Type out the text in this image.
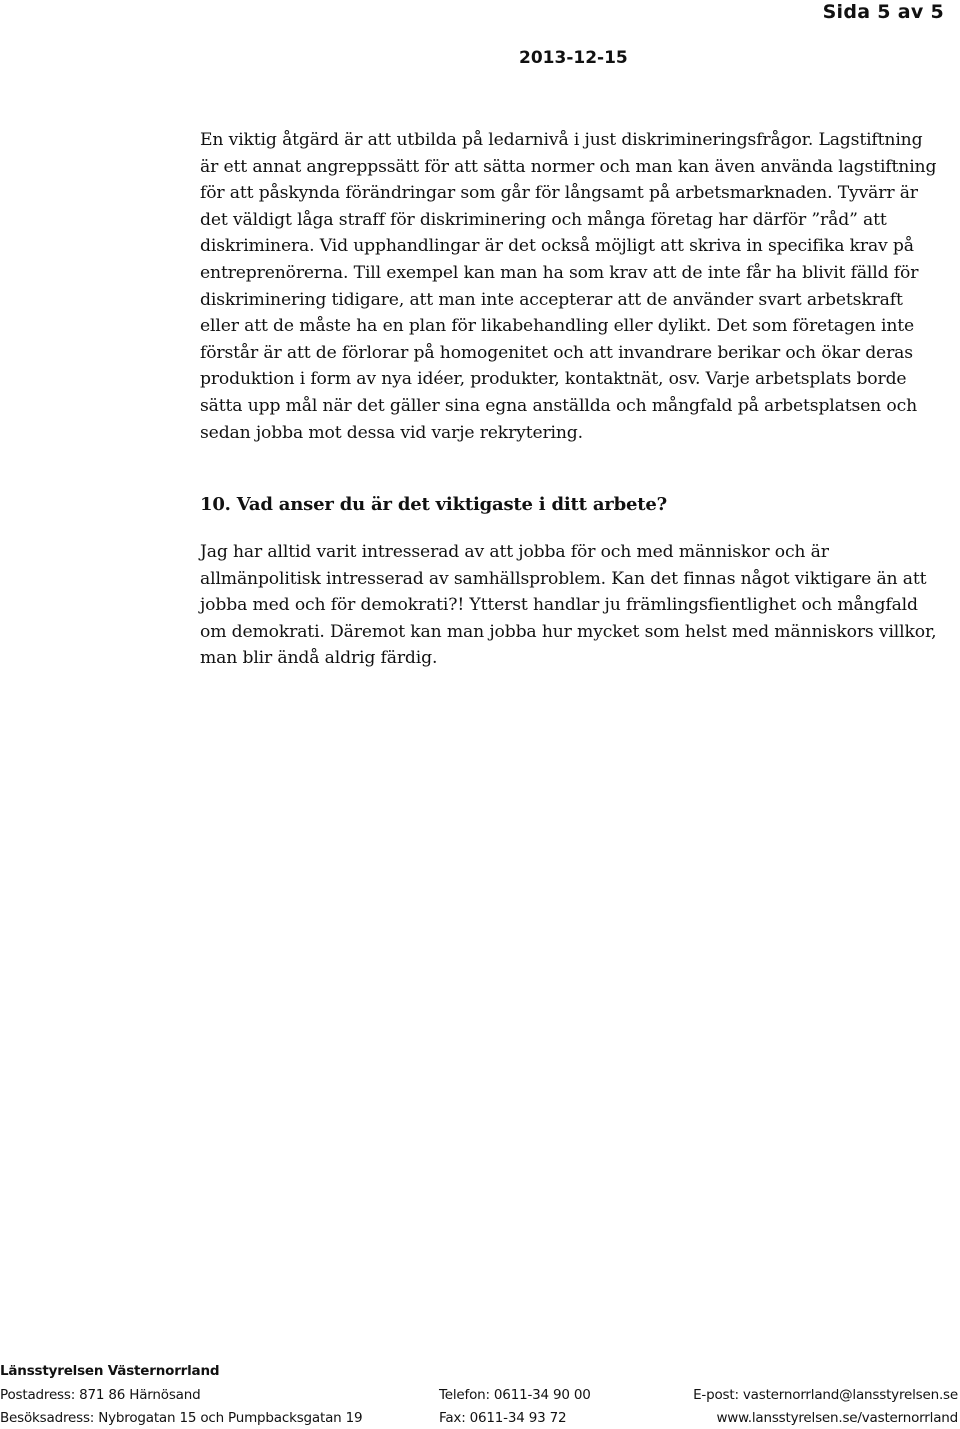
Sida 5 av 5
2013-12-15

En viktig åtgärd är att utbilda på ledarnivå i just diskrimineringsfrågor. Lagstiftning är ett annat angreppssätt för att sätta normer och man kan även använda lagstiftning för att påskynda förändringar som går för långsamt på arbetsmarknaden. Tyvärr är det väldigt låga straff för diskriminering och många företag har därför ”råd” att diskriminera. Vid upphandlingar är det också möjligt att skriva in specifika krav på entreprenörerna. Till exempel kan man ha som krav att de inte får ha blivit fälld för diskriminering tidigare, att man inte accepterar att de använder svart arbetskraft eller att de måste ha en plan för likabehandling eller dylikt. Det som företagen inte förstår är att de förlorar på homogenitet och att invandrare berikar och ökar deras produktion i form av nya idéer, produkter, kontaktnät, osv. Varje arbetsplats borde sätta upp mål när det gäller sina egna anställda och mångfald på arbetsplatsen och sedan jobba mot dessa vid varje rekrytering.

10. Vad anser du är det viktigaste i ditt arbete?

Jag har alltid varit intresserad av att jobba för och med människor och är allmänpolitisk intresserad av samhällsproblem. Kan det finnas något viktigare än att jobba med och för demokrati?! Ytterst handlar ju främlingsfientlighet och mångfald om demokrati. Däremot kan man jobba hur mycket som helst med människors villkor, man blir ändå aldrig färdig.

Länsstyrelsen Västernorrland
Postadress: 871 86 Härnösand	Telefon: 0611-34 90 00	E-post: vasternorrland@lansstyrelsen.se
Besöksadress: Nybrogatan 15 och Pumpbacksgatan 19	Fax: 0611-34 93 72	www.lansstyrelsen.se/vasternorrland
